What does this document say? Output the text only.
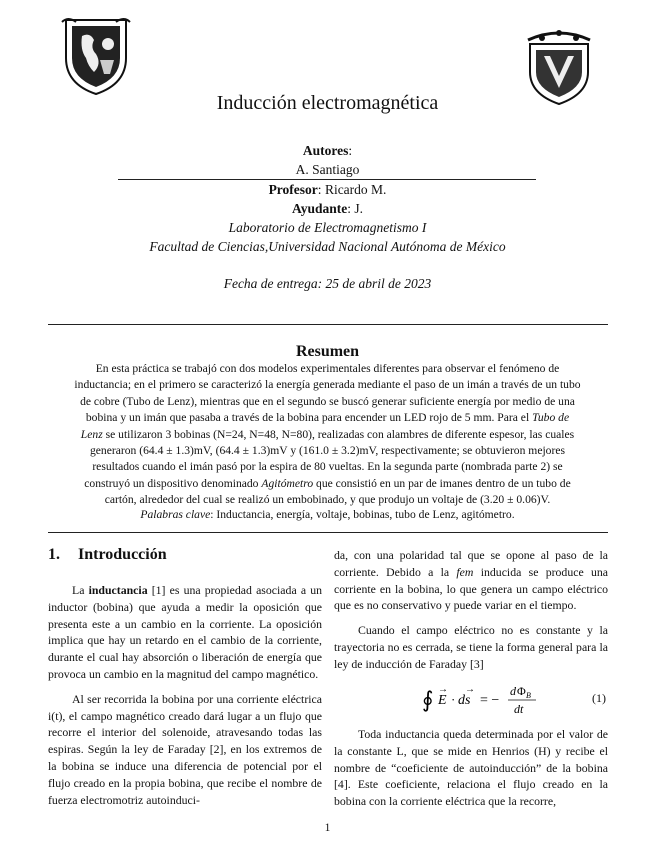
Inducción electromagnética
Autores:
A. Santiago
Profesor: Ricardo M.
Ayudante: J.
Laboratorio de Electromagnetismo I
Facultad de Ciencias,Universidad Nacional Autónoma de México
Fecha de entrega: 25 de abril de 2023
Resumen
En esta práctica se trabajó con dos modelos experimentales diferentes para observar el fenómeno de inductancia; en el primero se caracterizó la energía generada mediante el paso de un imán a través de un tubo de cobre (Tubo de Lenz), mientras que en el segundo se buscó generar suficiente energía por medio de una bobina y un imán que pasaba a través de la bobina para encender un LED rojo de 5 mm. Para el Tubo de Lenz se utilizaron 3 bobinas (N=24, N=48, N=80), realizadas con alambres de diferente espesor, las cuales generaron (64.4 ± 1.3)mV, (64.4 ± 1.3)mV y (161.0 ± 3.2)mV, respectivamente; se obtuvieron mejores resultados cuando el imán pasó por la espira de 80 vueltas. En la segunda parte (nombrada parte 2) se construyó un dispositivo denominado Agitómetro que consistió en un par de imanes dentro de un tubo de cartón, alrededor del cual se realizó un embobinado, y que produjo un voltaje de (3.20 ± 0.06)V.
Palabras clave: Inductancia, energía, voltaje, bobinas, tubo de Lenz, agitómetro.
1. Introducción

La inductancia [1] es una propiedad asociada a un inductor (bobina) que ayuda a medir la oposición que presenta este a un cambio en la corriente. La oposición implica que hay un retardo en el cambio de la corriente, durante el cual hay absorción o liberación de energía que provoca un cambio en la magnitud del campo magnético.

Al ser recorrida la bobina por una corriente eléctrica i(t), el campo magnético creado dará lugar a un flujo que recorre el interior del solenoide, atravesando todas las espiras. Según la ley de Faraday [2], en los extremos de la bobina se induce una diferencia de potencial por el flujo creado en la propia bobina, que recibe el nombre de fuerza electromotriz autoinduci-

da, con una polaridad tal que se opone al paso de la corriente. Debido a la fem inducida se produce una corriente en la bobina, lo que genera un campo eléctrico que es no conservativo y puede variar en el tiempo.

Cuando el campo eléctrico no es constante y la trayectoria no es cerrada, se tiene la forma general para la ley de inducción de Faraday [3]

∮ E
→
· ds
→
= −
d Φ B
dt
(1)

Toda inductancia queda determinada por el valor de la constante L, que se mide en Henrios (H) y recibe el nombre de “coeficiente de autoinducción” de la bobina [4]. Este coeficiente, relaciona el flujo creado en la bobina con la corriente eléctrica que la recorre,

1
